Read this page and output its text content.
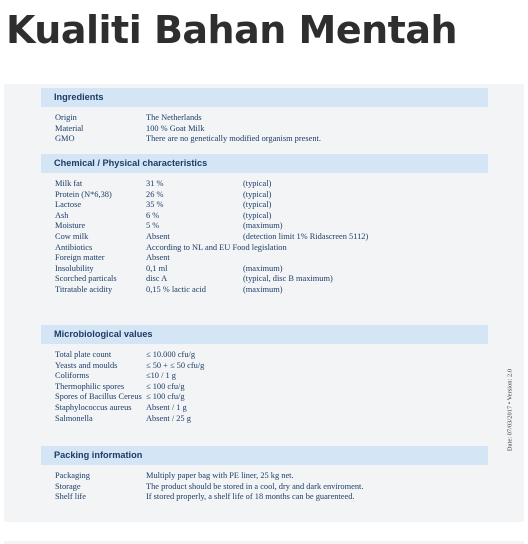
Kualiti Bahan Mentah
Ingredients
Origin	The Netherlands
Material	100 % Goat Milk
GMO	There are no genetically modified organism present.
Chemical / Physical characteristics
Milk fat	31 %	(typical)
Protein (N*6,38)	26 %	(typical)
Lactose	35 %	(typical)
Ash	6 %	(typical)
Moisture	5 %	(maximum)
Cow milk	Absent	(detection limit 1% Ridascreen 5112)
Antibiotics	According to NL and EU Food legislation
Foreign matter	Absent
Insolubility	0,1 ml	(maximum)
Scorched particals	disc A	(typical, disc B maximum)
Titratable acidity	0,15 % lactic acid	(maximum)
Microbiological values
Total plate count	≤ 10.000 cfu/g
Yeasts and moulds	≤ 50 + ≤ 50 cfu/g
Coliforms	≤10 / 1 g
Thermophilic spores	≤ 100 cfu/g
Spores of Bacillus Cereus ≤ 100 cfu/g
Staphylococcus aureus Absent / 1 g
Salmonella	Absent / 25 g
Packing information
Packaging	Multiply paper bag with PE liner, 25 kg net.
Storage	The product should be stored in a cool, dry and dark enviroment.
Shelf life	If stored properly, a shelf life of 18 months can be guarenteed.
Date: 07/03/2017 • Version: 2.0
